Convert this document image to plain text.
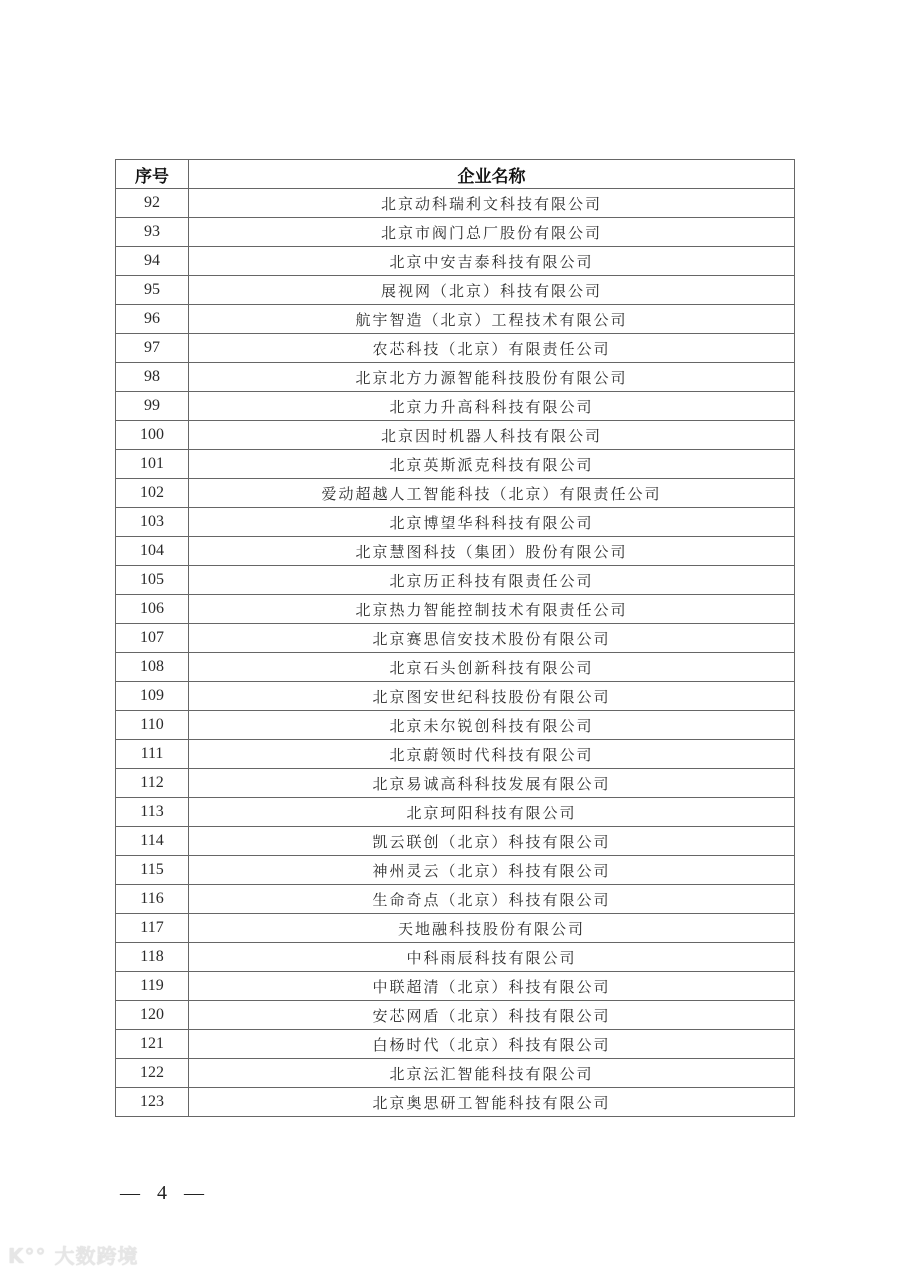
序号	企业名称
92	北京动科瑞利文科技有限公司
93	北京市阀门总厂股份有限公司
94	北京中安吉泰科技有限公司
95	展视网（北京）科技有限公司
96	航宇智造（北京）工程技术有限公司
97	农芯科技（北京）有限责任公司
98	北京北方力源智能科技股份有限公司
99	北京力升高科科技有限公司
100	北京因时机器人科技有限公司
101	北京英斯派克科技有限公司
102	爱动超越人工智能科技（北京）有限责任公司
103	北京博望华科科技有限公司
104	北京慧图科技（集团）股份有限公司
105	北京历正科技有限责任公司
106	北京热力智能控制技术有限责任公司
107	北京赛思信安技术股份有限公司
108	北京石头创新科技有限公司
109	北京图安世纪科技股份有限公司
110	北京未尔锐创科技有限公司
111	北京蔚领时代科技有限公司
112	北京易诚高科科技发展有限公司
113	北京珂阳科技有限公司
114	凯云联创（北京）科技有限公司
115	神州灵云（北京）科技有限公司
116	生命奇点（北京）科技有限公司
117	天地融科技股份有限公司
118	中科雨辰科技有限公司
119	中联超清（北京）科技有限公司
120	安芯网盾（北京）科技有限公司
121	白杨时代（北京）科技有限公司
122	北京沄汇智能科技有限公司
123	北京奥思研工智能科技有限公司
— 4 —
K°° 大数跨境
